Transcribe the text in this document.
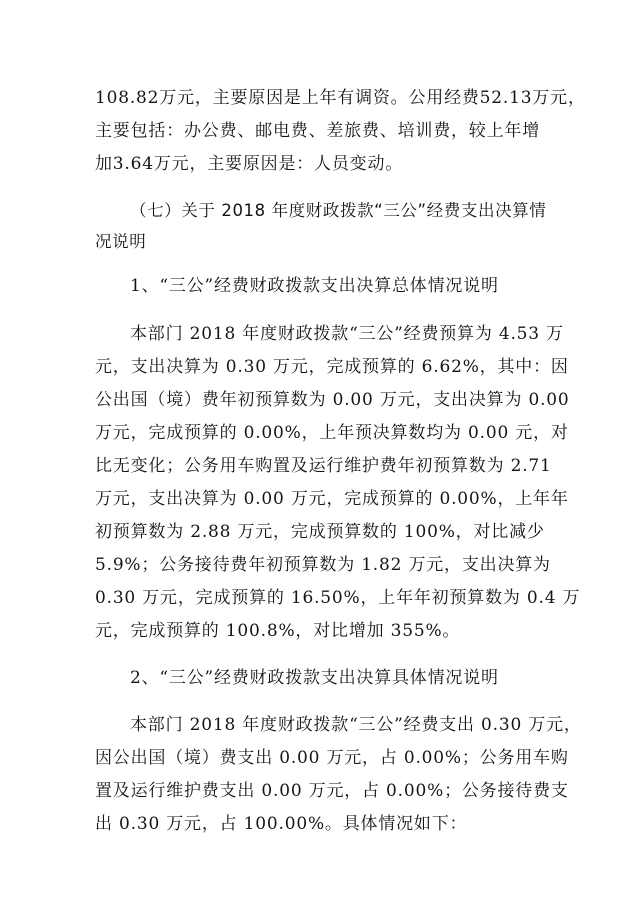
108.82万元，主要原因是上年有调资。公用经费52.13万元，
主要包括：办公费、邮电费、差旅费、培训费，较上年增
加3.64万元，主要原因是：人员变动。
（七）关于 2018 年度财政拨款“三公”经费支出决算情
况说明
1、“三公”经费财政拨款支出决算总体情况说明
本部门 2018 年度财政拨款“三公”经费预算为 4.53 万
元，支出决算为 0.30 万元，完成预算的 6.62%，其中：因
公出国（境）费年初预算数为 0.00 万元，支出决算为 0.00
万元，完成预算的 0.00%，上年预决算数均为 0.00 元，对
比无变化；公务用车购置及运行维护费年初预算数为 2.71
万元，支出决算为 0.00 万元，完成预算的 0.00%，上年年
初预算数为 2.88 万元，完成预算数的 100%，对比减少
5.9%；公务接待费年初预算数为 1.82 万元，支出决算为
0.30 万元，完成预算的 16.50%，上年年初预算数为 0.4 万
元，完成预算的 100.8%，对比增加 355%。
2、“三公”经费财政拨款支出决算具体情况说明
本部门 2018 年度财政拨款“三公”经费支出 0.30 万元，
因公出国（境）费支出 0.00 万元，占 0.00%；公务用车购
置及运行维护费支出 0.00 万元，占 0.00%；公务接待费支
出 0.30 万元，占 100.00%。具体情况如下：
